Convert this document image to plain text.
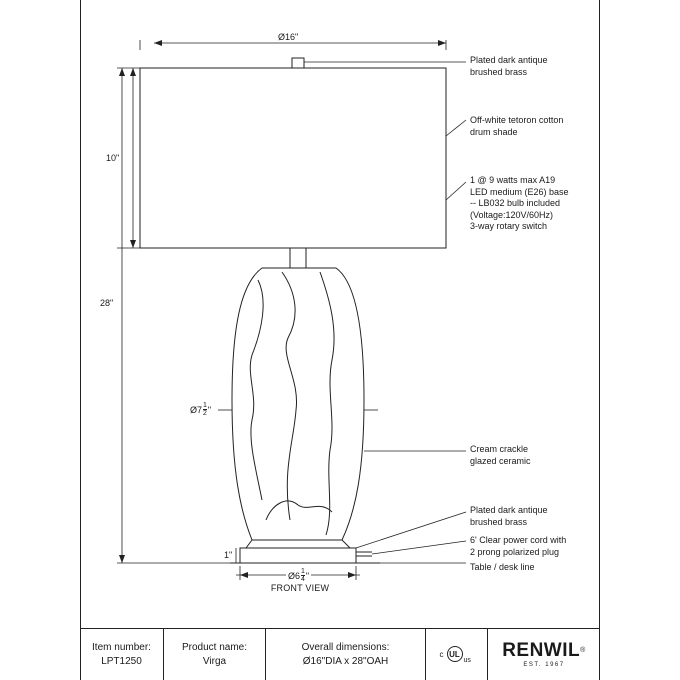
Ø16"
10"
28"
Ø7 1
2 "
1"
Ø6 1
4 "
Plated dark antique
brushed brass
Off-white tetoron cotton
drum shade
1 @ 9 watts max A19
LED medium (E26) base
-- LB032 bulb included
(Voltage:120V/60Hz)
3-way rotary switch
Cream crackle
glazed ceramic
Plated dark antique
brushed brass
6' Clear power cord with
2 prong polarized plug
Table / desk line
FRONT VIEW
Item number:
LPT1250
Product name:
Virga
Overall dimensions:
Ø16"DIA x 28"OAH
c UL
us RENWIL®
EST. 1967
